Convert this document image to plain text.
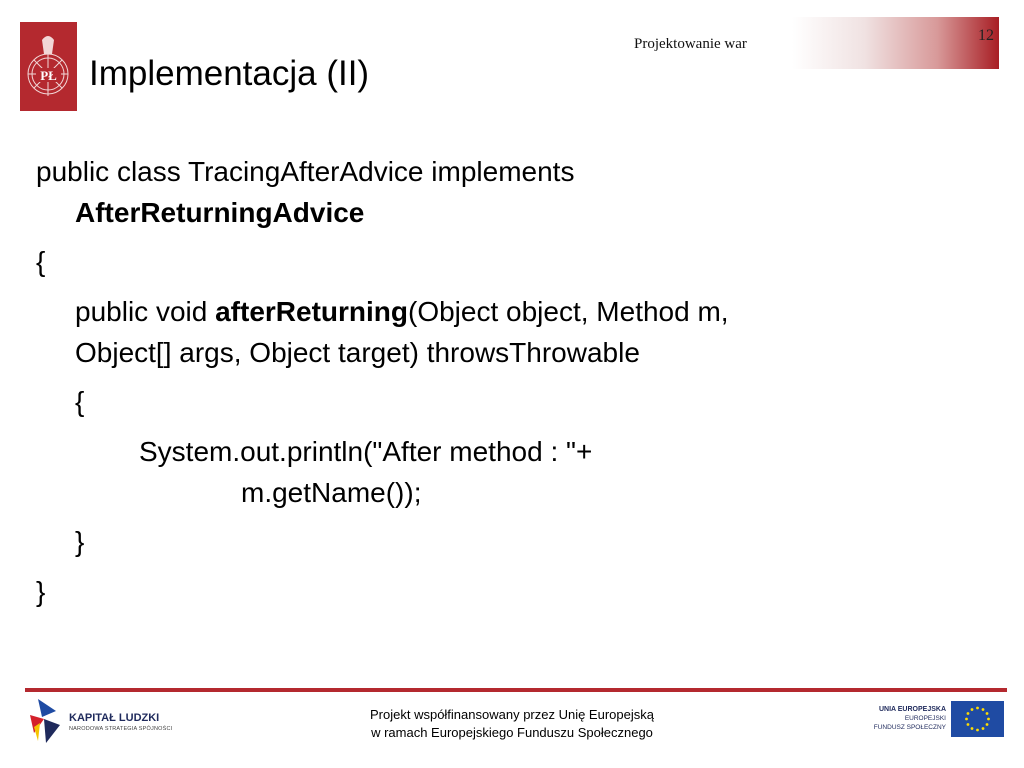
PŁ
Projektowanie war	12
Implementacja (II)
public class TracingAfterAdvice implements
AfterReturningAdvice
{
public void afterReturning(Object object, Method m,
Object[] args, Object target) throwsThrowable
{
System.out.println("After method : "+
m.getName());
}
}
KAPITAŁ LUDZKI
NARODOWA STRATEGIA SPÓJNOŚCI
Projekt współfinansowany przez Unię Europejską
w ramach Europejskiego Funduszu Społecznego
UNIA EUROPEJSKA
EUROPEJSKI
FUNDUSZ SPOŁECZNY
